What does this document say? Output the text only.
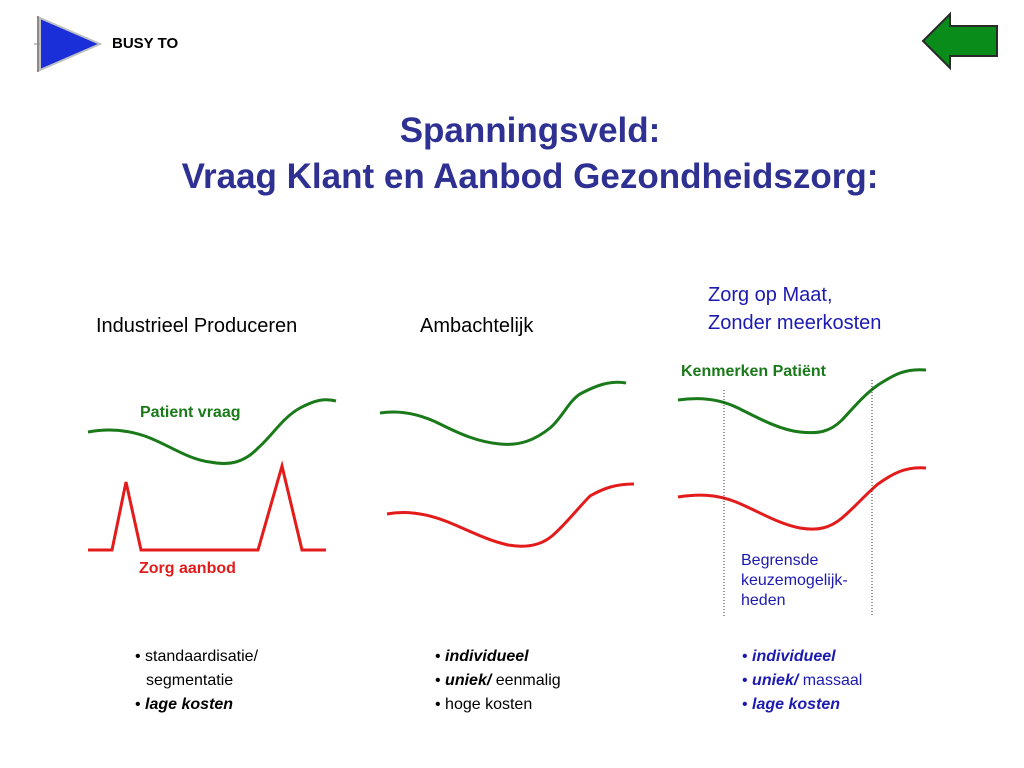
BUSY TO
Spanningsveld:
Vraag Klant en Aanbod Gezondheidszorg:
Industrieel Produceren	Ambachtelijk
Zorg op Maat,
Zonder meerkosten
Patient vraag
Zorg aanbod
Kenmerken Patiënt
Begrensde
keuzemogelijk-
heden
• standaardisatie/
segmentatie
• lage kosten
• individueel
• uniek/ eenmalig
• hoge kosten
• individueel
• uniek/ massaal
• lage kosten
